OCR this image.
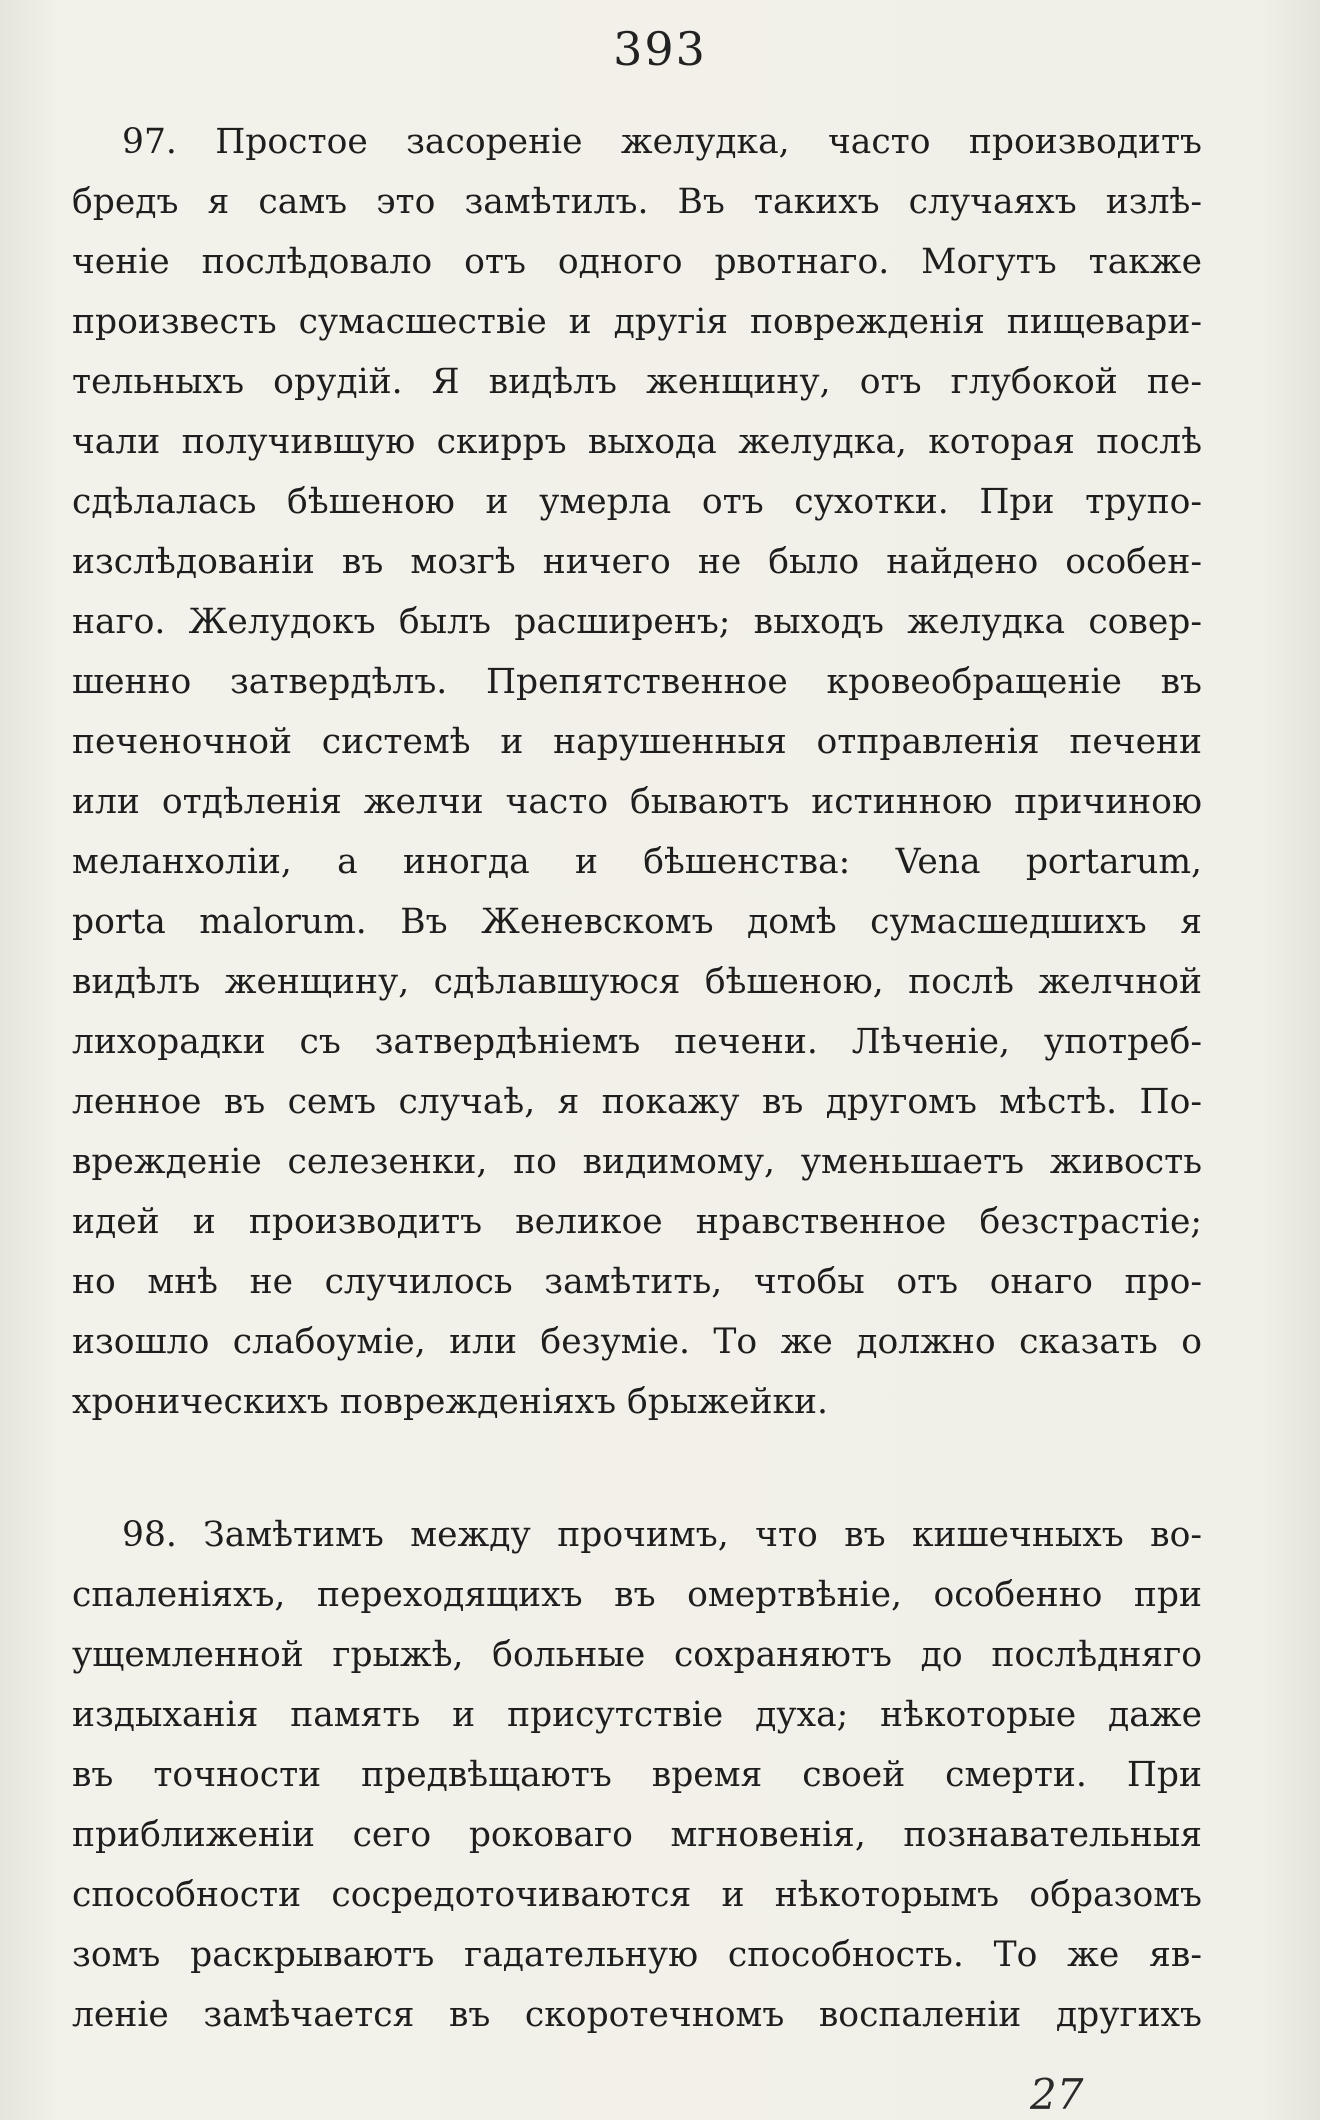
393
97. Простое засореніе желудка, часто производитъ
бредъ я самъ это замѣтилъ. Въ такихъ случаяхъ излѣ-
ченіе послѣдовало отъ одного рвотнаго. Могутъ также
произвесть сумасшествіе и другія поврежденія пищевари-
тельныхъ орудій. Я видѣлъ женщину, отъ глубокой пе-
чали получившую скирръ выхода желудка, которая послѣ
сдѣлалась бѣшеною и умерла отъ сухотки. При трупо-
изслѣдованіи въ мозгѣ ничего не было найдено особен-
наго. Желудокъ былъ расширенъ; выходъ желудка совер-
шенно затвердѣлъ. Препятственное кровеобращеніе въ
печеночной системѣ и нарушенныя отправленія печени
или отдѣленія желчи часто бываютъ истинною причиною
меланхоліи, а иногда и бѣшенства: Vena portarum,
porta malorum. Въ Женевскомъ домѣ сумасшедшихъ я
видѣлъ женщину, сдѣлавшуюся бѣшеною, послѣ желчной
лихорадки съ затвердѣніемъ печени. Лѣченіе, употреб-
ленное въ семъ случаѣ, я покажу въ другомъ мѣстѣ. По-
врежденіе селезенки, по видимому, уменьшаетъ живость
идей и производитъ великое нравственное безстрастіе;
но мнѣ не случилось замѣтить, чтобы отъ онаго про-
изошло слабоуміе, или безуміе. То же должно сказать о
хроническихъ поврежденіяхъ брыжейки.
98. Замѣтимъ между прочимъ, что въ кишечныхъ во-
спаленіяхъ, переходящихъ въ омертвѣніе, особенно при
ущемленной грыжѣ, больные сохраняютъ до послѣдняго
издыханія память и присутствіе духа; нѣкоторые даже
въ точности предвѣщаютъ время своей смерти. При
приближеніи сего роковаго мгновенія, познавательныя
способности сосредоточиваются и нѣкоторымъ образомъ
зомъ раскрываютъ гадательную способность. То же яв-
леніе замѣчается въ скоротечномъ воспаленіи другихъ
27
